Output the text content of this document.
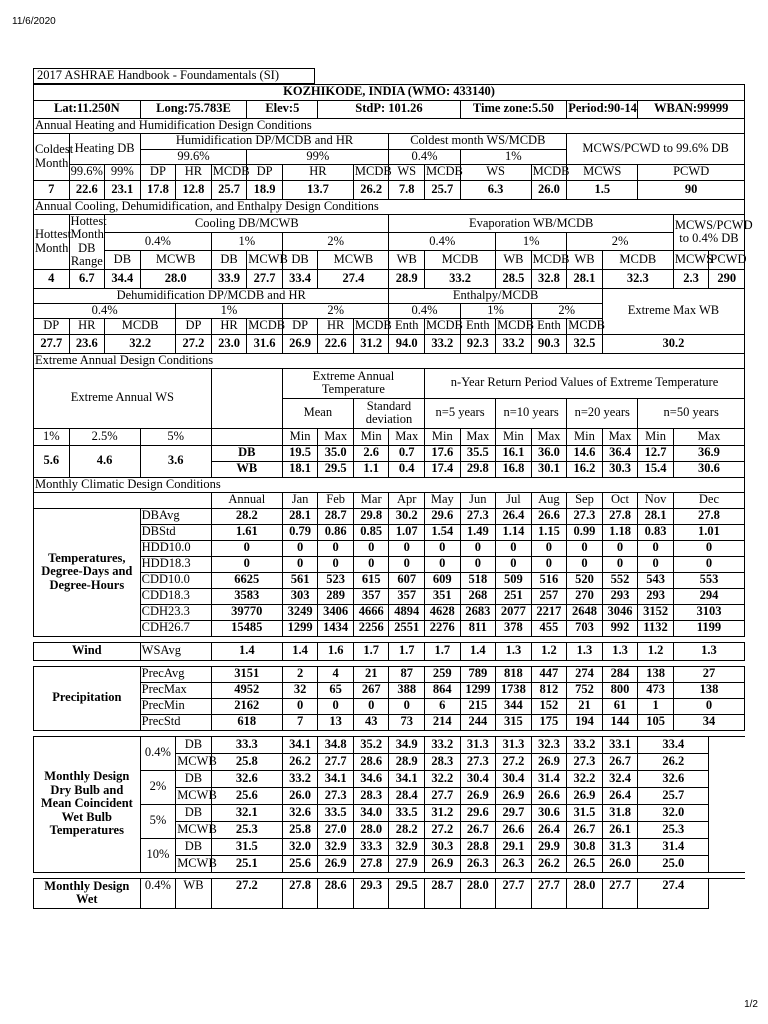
11/6/2020
2017 ASHRAE Handbook - Foundamentals (SI)
KOZHIKODE, INDIA (WMO: 433140)																			
Lat:11.250N			Long:75.783E			Elev:5		StdP: 101.26				Time zone:5.50			Period:90-14		WBAN:99999		
Annual Heating and Humidification Design Conditions																			
Coldest Month	Heating DB		Humidification DP/MCDB and HR							Coldest month WS/MCDB					MCWS/PCWD to 99.6% DB				
			99.6%			99%				0.4%		1%							
	99.6%	99%	DP	HR	MCDB	DP	HR		MCDB	WS	MCDB	WS		MCDB	MCWS		PCWD		
7	22.6	23.1	17.8	12.8	25.7	18.9	13.7		26.2	7.8	25.7	6.3		26.0	1.5		90		
Annual Cooling, Dehumidification, and Enthalpy Design Conditions																			
Hottest Month	Hottest Month DB Range	Cooling DB/MCWB								Evaporation WB/MCDB								MCWS/PCWD to 0.4% DB	
		0.4%			1%		2%			0.4%			1%		2%				
		DB	MCWB		DB	MCWB	DB	MCWB		WB	MCDB		WB	MCDB	WB	MCDB		MCWS	PCWD
4	6.7	34.4	28.0		33.9	27.7	33.4	27.4		28.9	33.2		28.5	32.8	28.1	32.3		2.3	290
Dehumidification DP/MCDB and HR										Enthalpy/MCDB						Extreme Max WB			
0.4%				1%			2%			0.4%		1%		2%					
DP	HR	MCDB		DP	HR	MCDB	DP	HR	MCDB	Enth	MCDB	Enth	MCDB	Enth	MCDB				
27.7	23.6	32.2		27.2	23.0	31.6	26.9	22.6	31.2	94.0	33.2	92.3	33.2	90.3	32.5	30.2			
Extreme Annual Design Conditions																			
Extreme Annual WS							Extreme Annual Temperature				n-Year Return Period Values of Extreme Temperature								
							Mean		Standard deviation		n=5 years		n=10 years		n=20 years		n=50 years		
1%	2.5%		5%				Min	Max	Min	Max	Min	Max	Min	Max	Min	Max	Min	Max	
5.6	4.6		3.6		DB		19.5	35.0	2.6	0.7	17.6	35.5	16.1	36.0	14.6	36.4	12.7	36.9	
					WB		18.1	29.5	1.1	0.4	17.4	29.8	16.8	30.1	16.2	30.3	15.4	30.6	
Monthly Climatic Design Conditions																			
					Annual		Jan	Feb	Mar	Apr	May	Jun	Jul	Aug	Sep	Oct	Nov	Dec	
Temperatures, Degree-Days and Degree-Hours			DBAvg		28.2		28.1	28.7	29.8	30.2	29.6	27.3	26.4	26.6	27.3	27.8	28.1	27.8	
			DBStd		1.61		0.79	0.86	0.85	1.07	1.54	1.49	1.14	1.15	0.99	1.18	0.83	1.01	
			HDD10.0		0		0	0	0	0	0	0	0	0	0	0	0	0	
			HDD18.3		0		0	0	0	0	0	0	0	0	0	0	0	0	
			CDD10.0		6625		561	523	615	607	609	518	509	516	520	552	543	553	
			CDD18.3		3583		303	289	357	357	351	268	251	257	270	293	293	294	
			CDH23.3		39770		3249	3406	4666	4894	4628	2683	2077	2217	2648	3046	3152	3103	
			CDH26.7		15485		1299	1434	2256	2551	2276	811	378	455	703	992	1132	1199	

Wind			WSAvg		1.4		1.4	1.6	1.7	1.7	1.7	1.4	1.3	1.2	1.3	1.3	1.2	1.3	

Precipitation			PrecAvg		3151		2	4	21	87	259	789	818	447	274	284	138	27	
			PrecMax		4952		32	65	267	388	864	1299	1738	812	752	800	473	138	
			PrecMin		2162		0	0	0	0	6	215	344	152	21	61	1	0	
			PrecStd		618		7	13	43	73	214	244	315	175	194	144	105	34	

Monthly Design Dry Bulb and Mean Coincident Wet Bulb Temperatures			0.4%	DB	33.3		34.1	34.8	35.2	34.9	33.2	31.3	31.3	32.3	33.2	33.1	33.4		
				MCWB	25.8		26.2	27.7	28.6	28.9	28.3	27.3	27.2	26.9	27.3	26.7	26.2		
			2%	DB	32.6		33.2	34.1	34.6	34.1	32.2	30.4	30.4	31.4	32.2	32.4	32.6		
				MCWB	25.6		26.0	27.3	28.3	28.4	27.7	26.9	26.9	26.6	26.9	26.4	25.7		
			5%	DB	32.1		32.6	33.5	34.0	33.5	31.2	29.6	29.7	30.6	31.5	31.8	32.0		
				MCWB	25.3		25.8	27.0	28.0	28.2	27.2	26.7	26.6	26.4	26.7	26.1	25.3		
			10%	DB	31.5		32.0	32.9	33.3	32.9	30.3	28.8	29.1	29.9	30.8	31.3	31.4		
				MCWB	25.1		25.6	26.9	27.8	27.9	26.9	26.3	26.3	26.2	26.5	26.0	25.0		

Monthly Design Wet			0.4%	WB	27.2		27.8	28.6	29.3	29.5	28.7	28.0	27.7	27.7	28.0	27.7	27.4		
1/2
